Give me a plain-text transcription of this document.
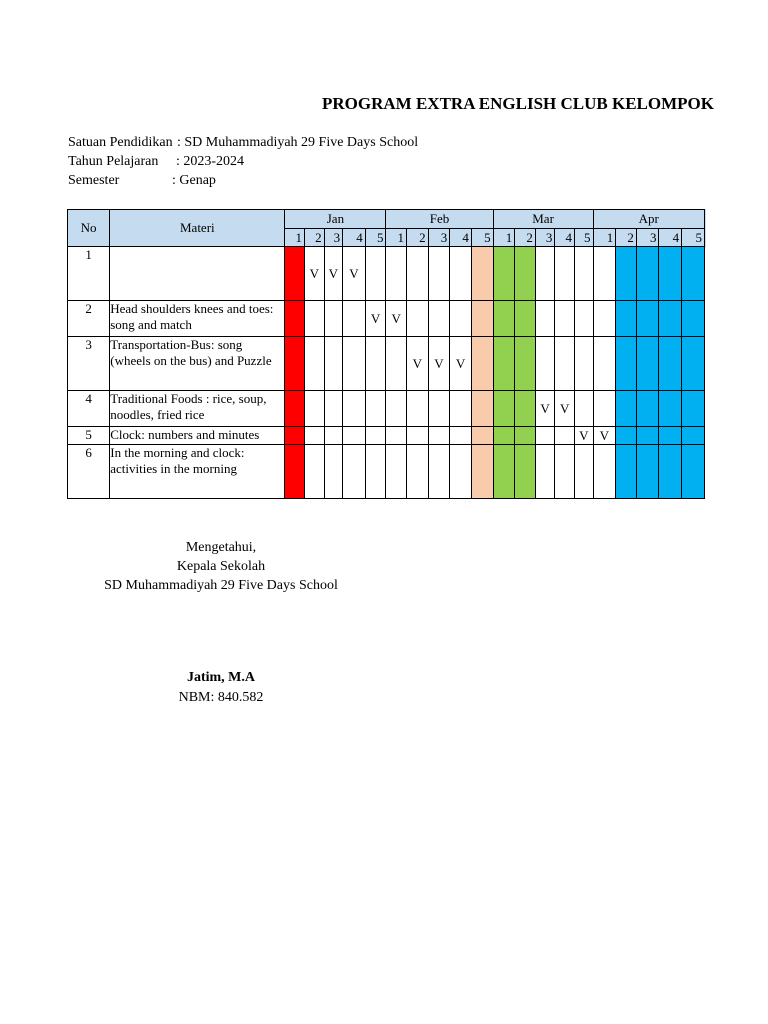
PROGRAM EXTRA ENGLISH CLUB KELOMPOK
Satuan Pendidikan : SD Muhammadiyah 29 Five Days School
Tahun Pelajaran : 2023-2024
Semester	: Genap
No	Materi	Jan					Feb					Mar					Apr				
		1	2	3	4	5	1	2	3	4	5	1	2	3	4	5	1	2	3	4	5
1			V	V	V																
2	Head shoulders knees and toes: song and match					V	V														
3	Transportation-Bus: song (wheels on the bus) and Puzzle							V	V	V											
4	Traditional Foods : rice, soup, noodles, fried rice													V	V						
5	Clock: numbers and minutes															V	V				
6	In the morning and clock: activities in the morning																				
Mengetahui,
Kepala Sekolah
SD Muhammadiyah 29 Five Days School
Jatim, M.A
NBM: 840.582
